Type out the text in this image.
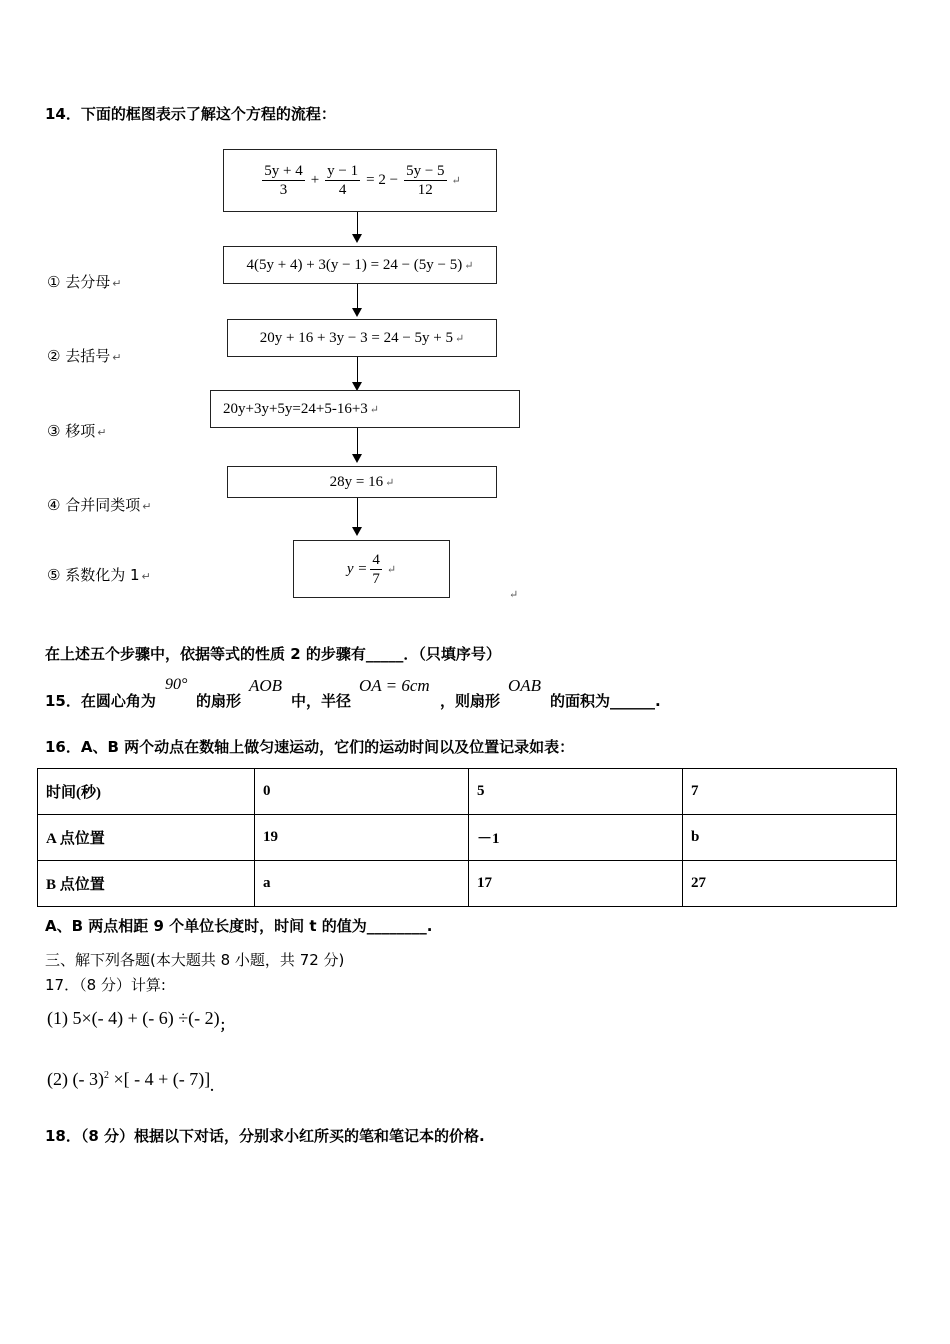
14．下面的框图表示了解这个方程的流程：
$\frac{5y + 4}{3} + \frac{y - 1}{4} = 2 - \frac{5y - 5}{12}$ ↵
4(5y + 4) + 3(y − 1) = 24 − (5y − 5) ↵
20y + 16 + 3y − 3 = 24 − 5y + 5 ↵
20y+3y+5y=24+5-16+3 ↵
28y = 16 ↵
$y = \frac{4}{7}$ ↵
↵
① 去分母 ↵
② 去括号 ↵
③ 移项 ↵
④ 合并同类项 ↵
⑤ 系数化为 1 ↵
在上述五个步骤中，依据等式的性质 2 的步骤有_____．（只填序号）
15．在圆心角为
90°
的扇形
AOB
中，半径
OA = 6cm
，则扇形
OAB
的面积为______.
16．A、B 两个动点在数轴上做匀速运动，它们的运动时间以及位置记录如表：
时间(秒)	0	5	7
A 点位置	19	－1	b
B 点位置	a	17	27
A、B 两点相距 9 个单位长度时，时间 t 的值为________.
三、解下列各题(本大题共 8 小题，共 72 分)
17．（8 分）计算:
(1) 5×(- 4) + (- 6) ÷(- $2)_;$
(2) (- 3)$^2$ ×[ - 4 + (- $7)]_.$
18．（8 分）根据以下对话，分别求小红所买的笔和笔记本的价格.
